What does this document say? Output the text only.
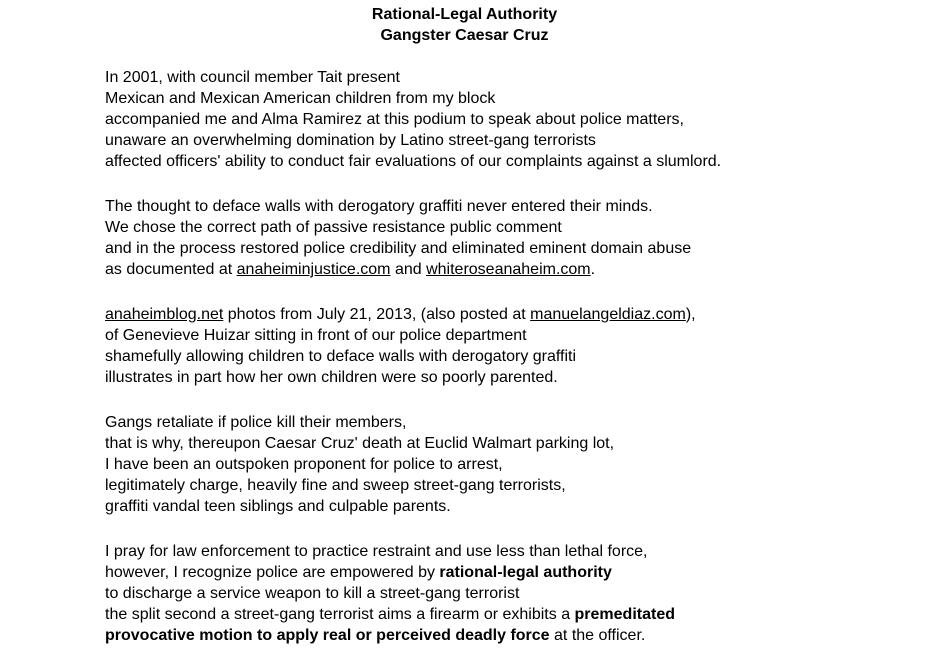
Rational-Legal Authority
Gangster Caesar Cruz
In 2001, with council member Tait present
Mexican and Mexican American children from my block
accompanied me and Alma Ramirez at this podium to speak about police matters,
unaware an overwhelming domination by Latino street-gang terrorists
affected officers' ability to conduct fair evaluations of our complaints against a slumlord.
The thought to deface walls with derogatory graffiti never entered their minds.
We chose the correct path of passive resistance public comment
and in the process restored police credibility and eliminated eminent domain abuse
as documented at anaheiminjustice.com and whiteroseanaheim.com.
anaheimblog.net photos from July 21, 2013, (also posted at manuelangeldiaz.com),
of Genevieve Huizar sitting in front of our police department
shamefully allowing children to deface walls with derogatory graffiti
illustrates in part how her own children were so poorly parented.
Gangs retaliate if police kill their members,
that is why, thereupon Caesar Cruz' death at Euclid Walmart parking lot,
I have been an outspoken proponent for police to arrest,
legitimately charge, heavily fine and sweep street-gang terrorists,
graffiti vandal teen siblings and culpable parents.
I pray for law enforcement to practice restraint and use less than lethal force,
however, I recognize police are empowered by rational-legal authority
to discharge a service weapon to kill a street-gang terrorist
the split second a street-gang terrorist aims a firearm or exhibits a premeditated
provocative motion to apply real or perceived deadly force at the officer.
